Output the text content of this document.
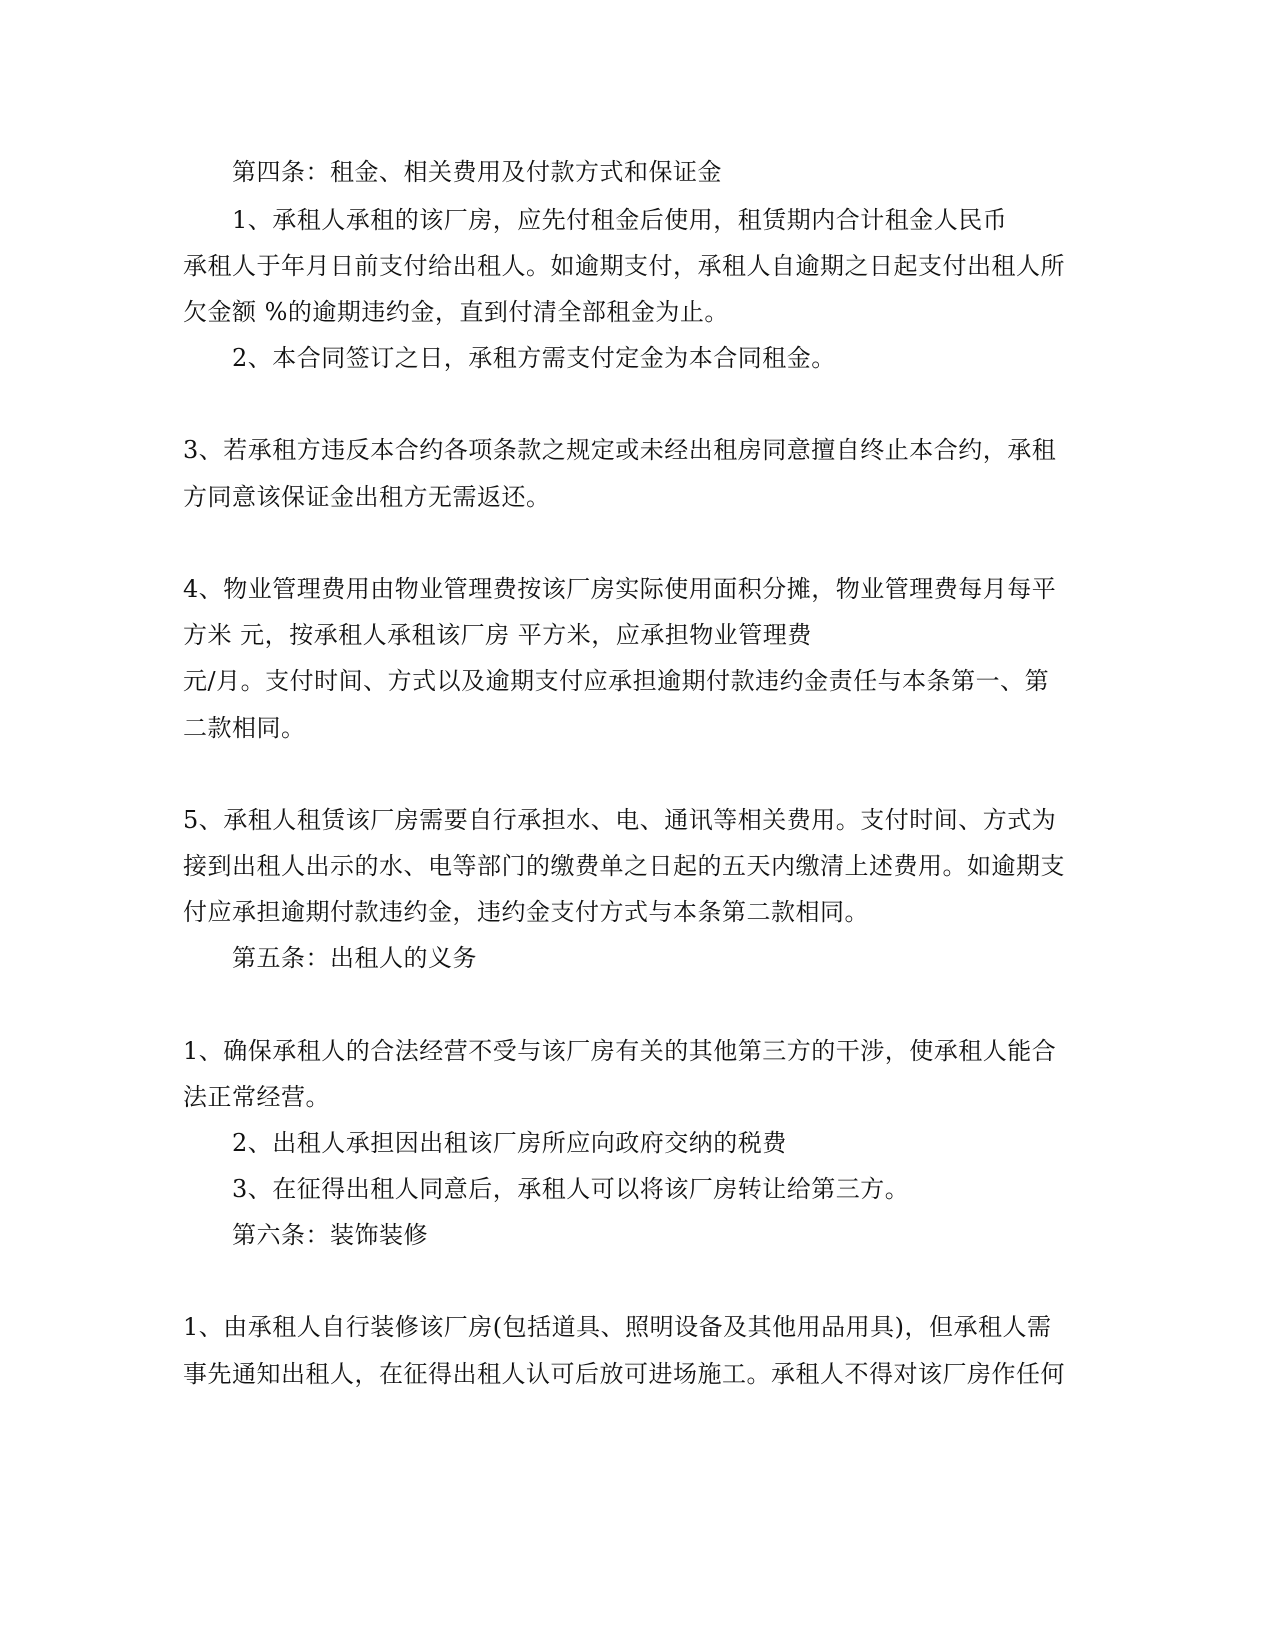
第四条：租金、相关费用及付款方式和保证金

1、承租人承租的该厂房，应先付租金后使用，租赁期内合计租金人民币

承租人于年月日前支付给出租人。如逾期支付，承租人自逾期之日起支付出租人所

欠金额 %的逾期违约金，直到付清全部租金为止。

2、本合同签订之日，承租方需支付定金为本合同租金。

3、若承租方违反本合约各项条款之规定或未经出租房同意擅自终止本合约，承租

方同意该保证金出租方无需返还。

4、物业管理费用由物业管理费按该厂房实际使用面积分摊，物业管理费每月每平

方米 元，按承租人承租该厂房 平方米，应承担物业管理费

元/月。支付时间、方式以及逾期支付应承担逾期付款违约金责任与本条第一、第

二款相同。

5、承租人租赁该厂房需要自行承担水、电、通讯等相关费用。支付时间、方式为

接到出租人出示的水、电等部门的缴费单之日起的五天内缴清上述费用。如逾期支

付应承担逾期付款违约金，违约金支付方式与本条第二款相同。

第五条：出租人的义务

1、确保承租人的合法经营不受与该厂房有关的其他第三方的干涉，使承租人能合

法正常经营。

2、出租人承担因出租该厂房所应向政府交纳的税费

3、在征得出租人同意后，承租人可以将该厂房转让给第三方。

第六条：装饰装修

1、由承租人自行装修该厂房(包括道具、照明设备及其他用品用具)，但承租人需

事先通知出租人，在征得出租人认可后放可进场施工。承租人不得对该厂房作任何
